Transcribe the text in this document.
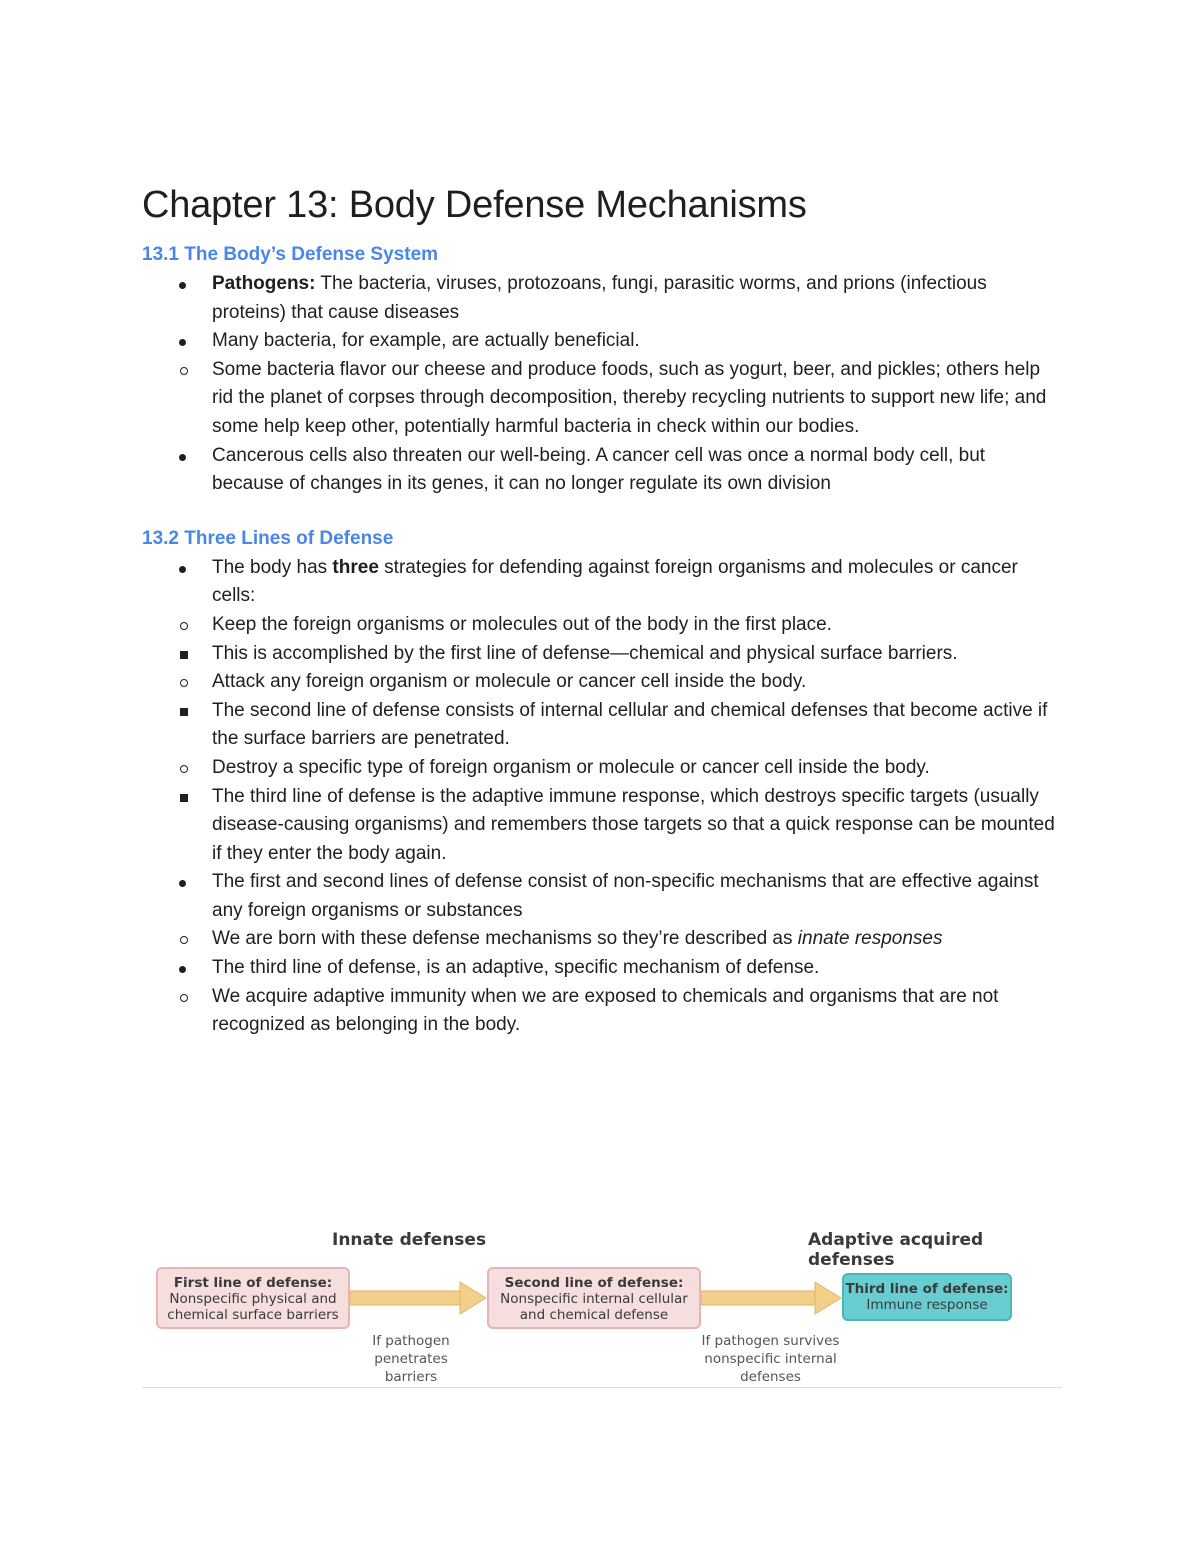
Chapter 13: Body Defense Mechanisms
13.1 The Body’s Defense System
Pathogens: The bacteria, viruses, protozoans, fungi, parasitic worms, and prions (infectious proteins) that cause diseases
Many bacteria, for example, are actually beneficial.
Some bacteria flavor our cheese and produce foods, such as yogurt, beer, and pickles; others help rid the planet of corpses through decomposition, thereby recycling nutrients to support new life; and some help keep other, potentially harmful bacteria in check within our bodies.
Cancerous cells also threaten our well-being. A cancer cell was once a normal body cell, but because of changes in its genes, it can no longer regulate its own division
13.2 Three Lines of Defense
The body has three strategies for defending against foreign organisms and molecules or cancer cells:
Keep the foreign organisms or molecules out of the body in the first place.
This is accomplished by the first line of defense—chemical and physical surface barriers.
Attack any foreign organism or molecule or cancer cell inside the body.
The second line of defense consists of internal cellular and chemical defenses that become active if the surface barriers are penetrated.
Destroy a specific type of foreign organism or molecule or cancer cell inside the body.
The third line of defense is the adaptive immune response, which destroys specific targets (usually disease-causing organisms) and remembers those targets so that a quick response can be mounted if they enter the body again.
The first and second lines of defense consist of non-specific mechanisms that are effective against any foreign organisms or substances
We are born with these defense mechanisms so they’re described as innate responses
The third line of defense, is an adaptive, specific mechanism of defense.
We acquire adaptive immunity when we are exposed to chemicals and organisms that are not recognized as belonging in the body.
Innate defenses	Adaptive acquired defenses
First line of defense:
Nonspecific physical and chemical surface barriers
Second line of defense:
Nonspecific internal cellular and chemical defense
Third line of defense:
Immune response
If pathogen penetrates barriers
If pathogen survives nonspecific internal defenses
